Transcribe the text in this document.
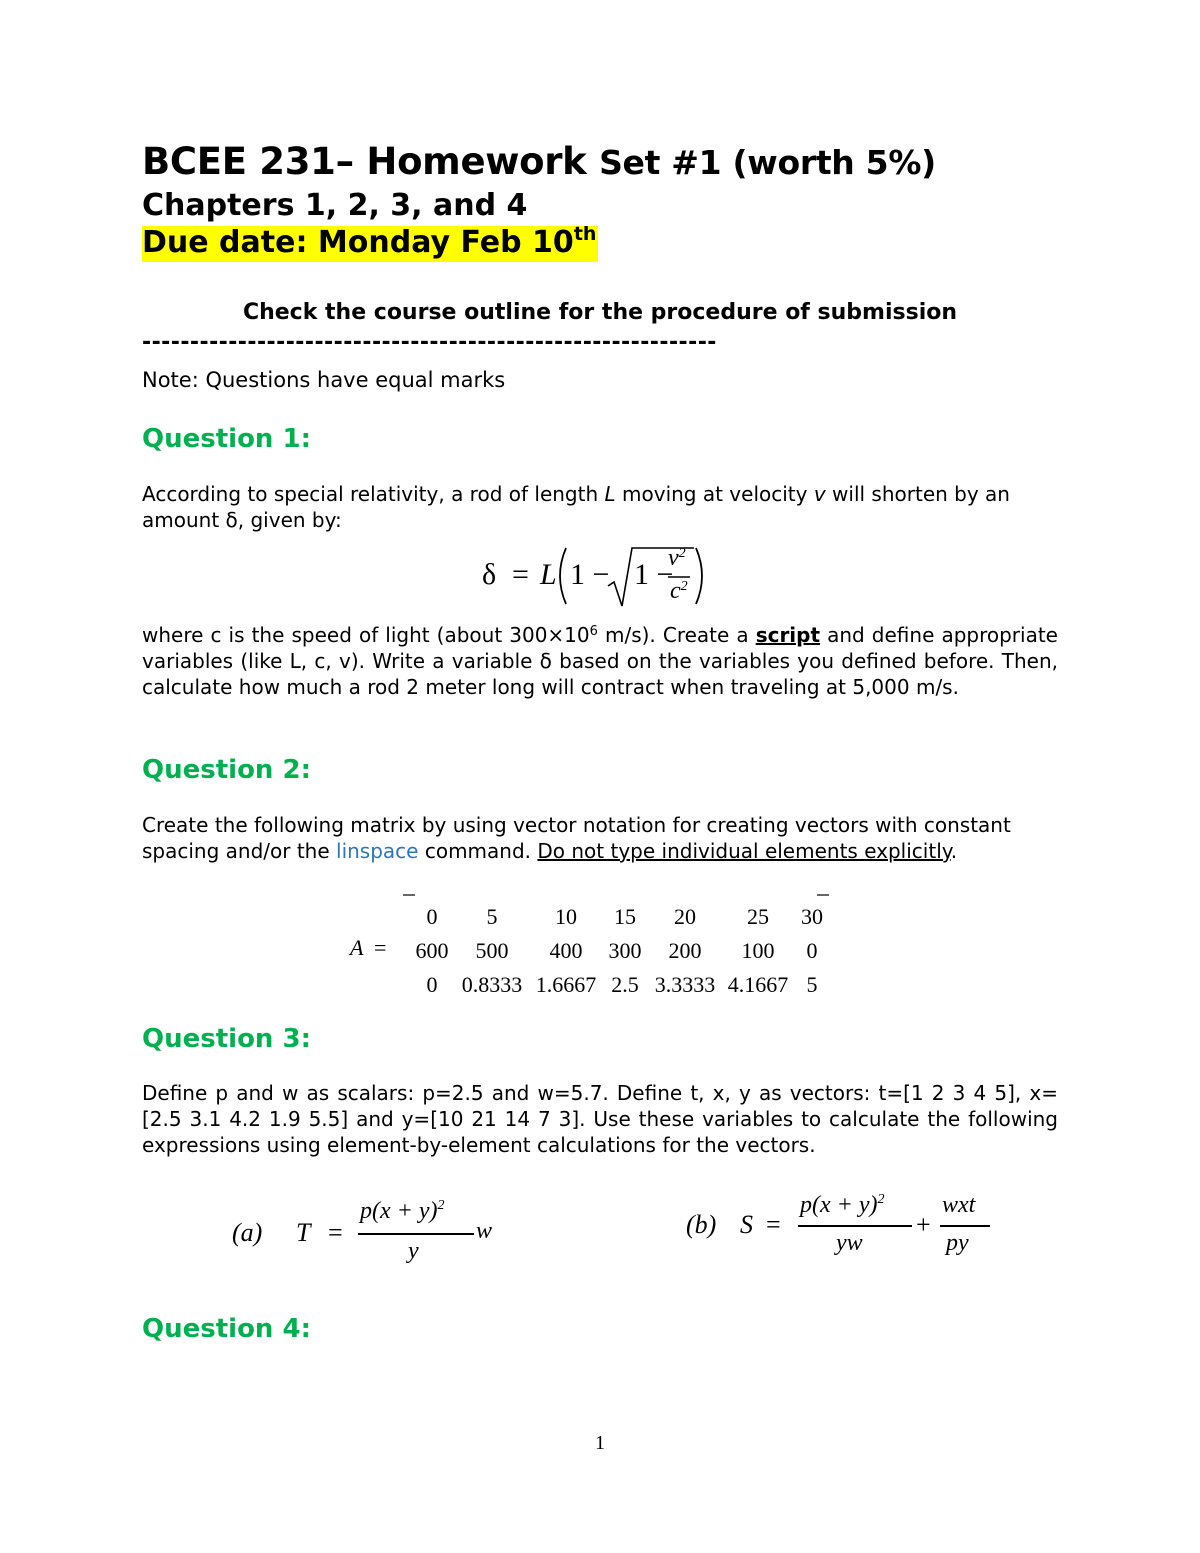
BCEE 231– Homework Set #1 (worth 5%)
Chapters 1, 2, 3, and 4
Due date: Monday Feb 10th
Check the course outline for the procedure of submission
------------------------------------------------------------
Note: Questions have equal marks
Question 1:
According to special relativity, a rod of length L moving at velocity v will shorten by an amount δ, given by:
δ = L 1 − 1 −
$v^2$
$c^2$
where c is the speed of light (about $300\times 10^6$ m/s). Create a script and define appropriate variables (like L, c, v). Write a variable δ based on the variables you defined before. Then, calculate how much a rod 2 meter long will contract when traveling at 5,000 m/s.
Question 2:
Create the following matrix by using vector notation for creating vectors with constant spacing and/or the linspace command. Do not type individual elements explicitly.
A =
0	5	10	15	20	25	30
600	500	400	300	200	100	0
0	0.8333 1.6667 2.5 3.3333 4.1667 5
Question 3:
Define p and w as scalars: p=2.5 and w=5.7. Define t, x, y as vectors: t=[1 2 3 4 5], x=[2.5 3.1 4.2 1.9 5.5] and y=[10 21 14 7 3]. Use these variables to calculate the following expressions using element-by-element calculations for the vectors.
(a) T =
$p(x + y)^2$
y
w	(b) S =
$p(x + y)^2$
yw
+
wxt
py
Question 4:
1
